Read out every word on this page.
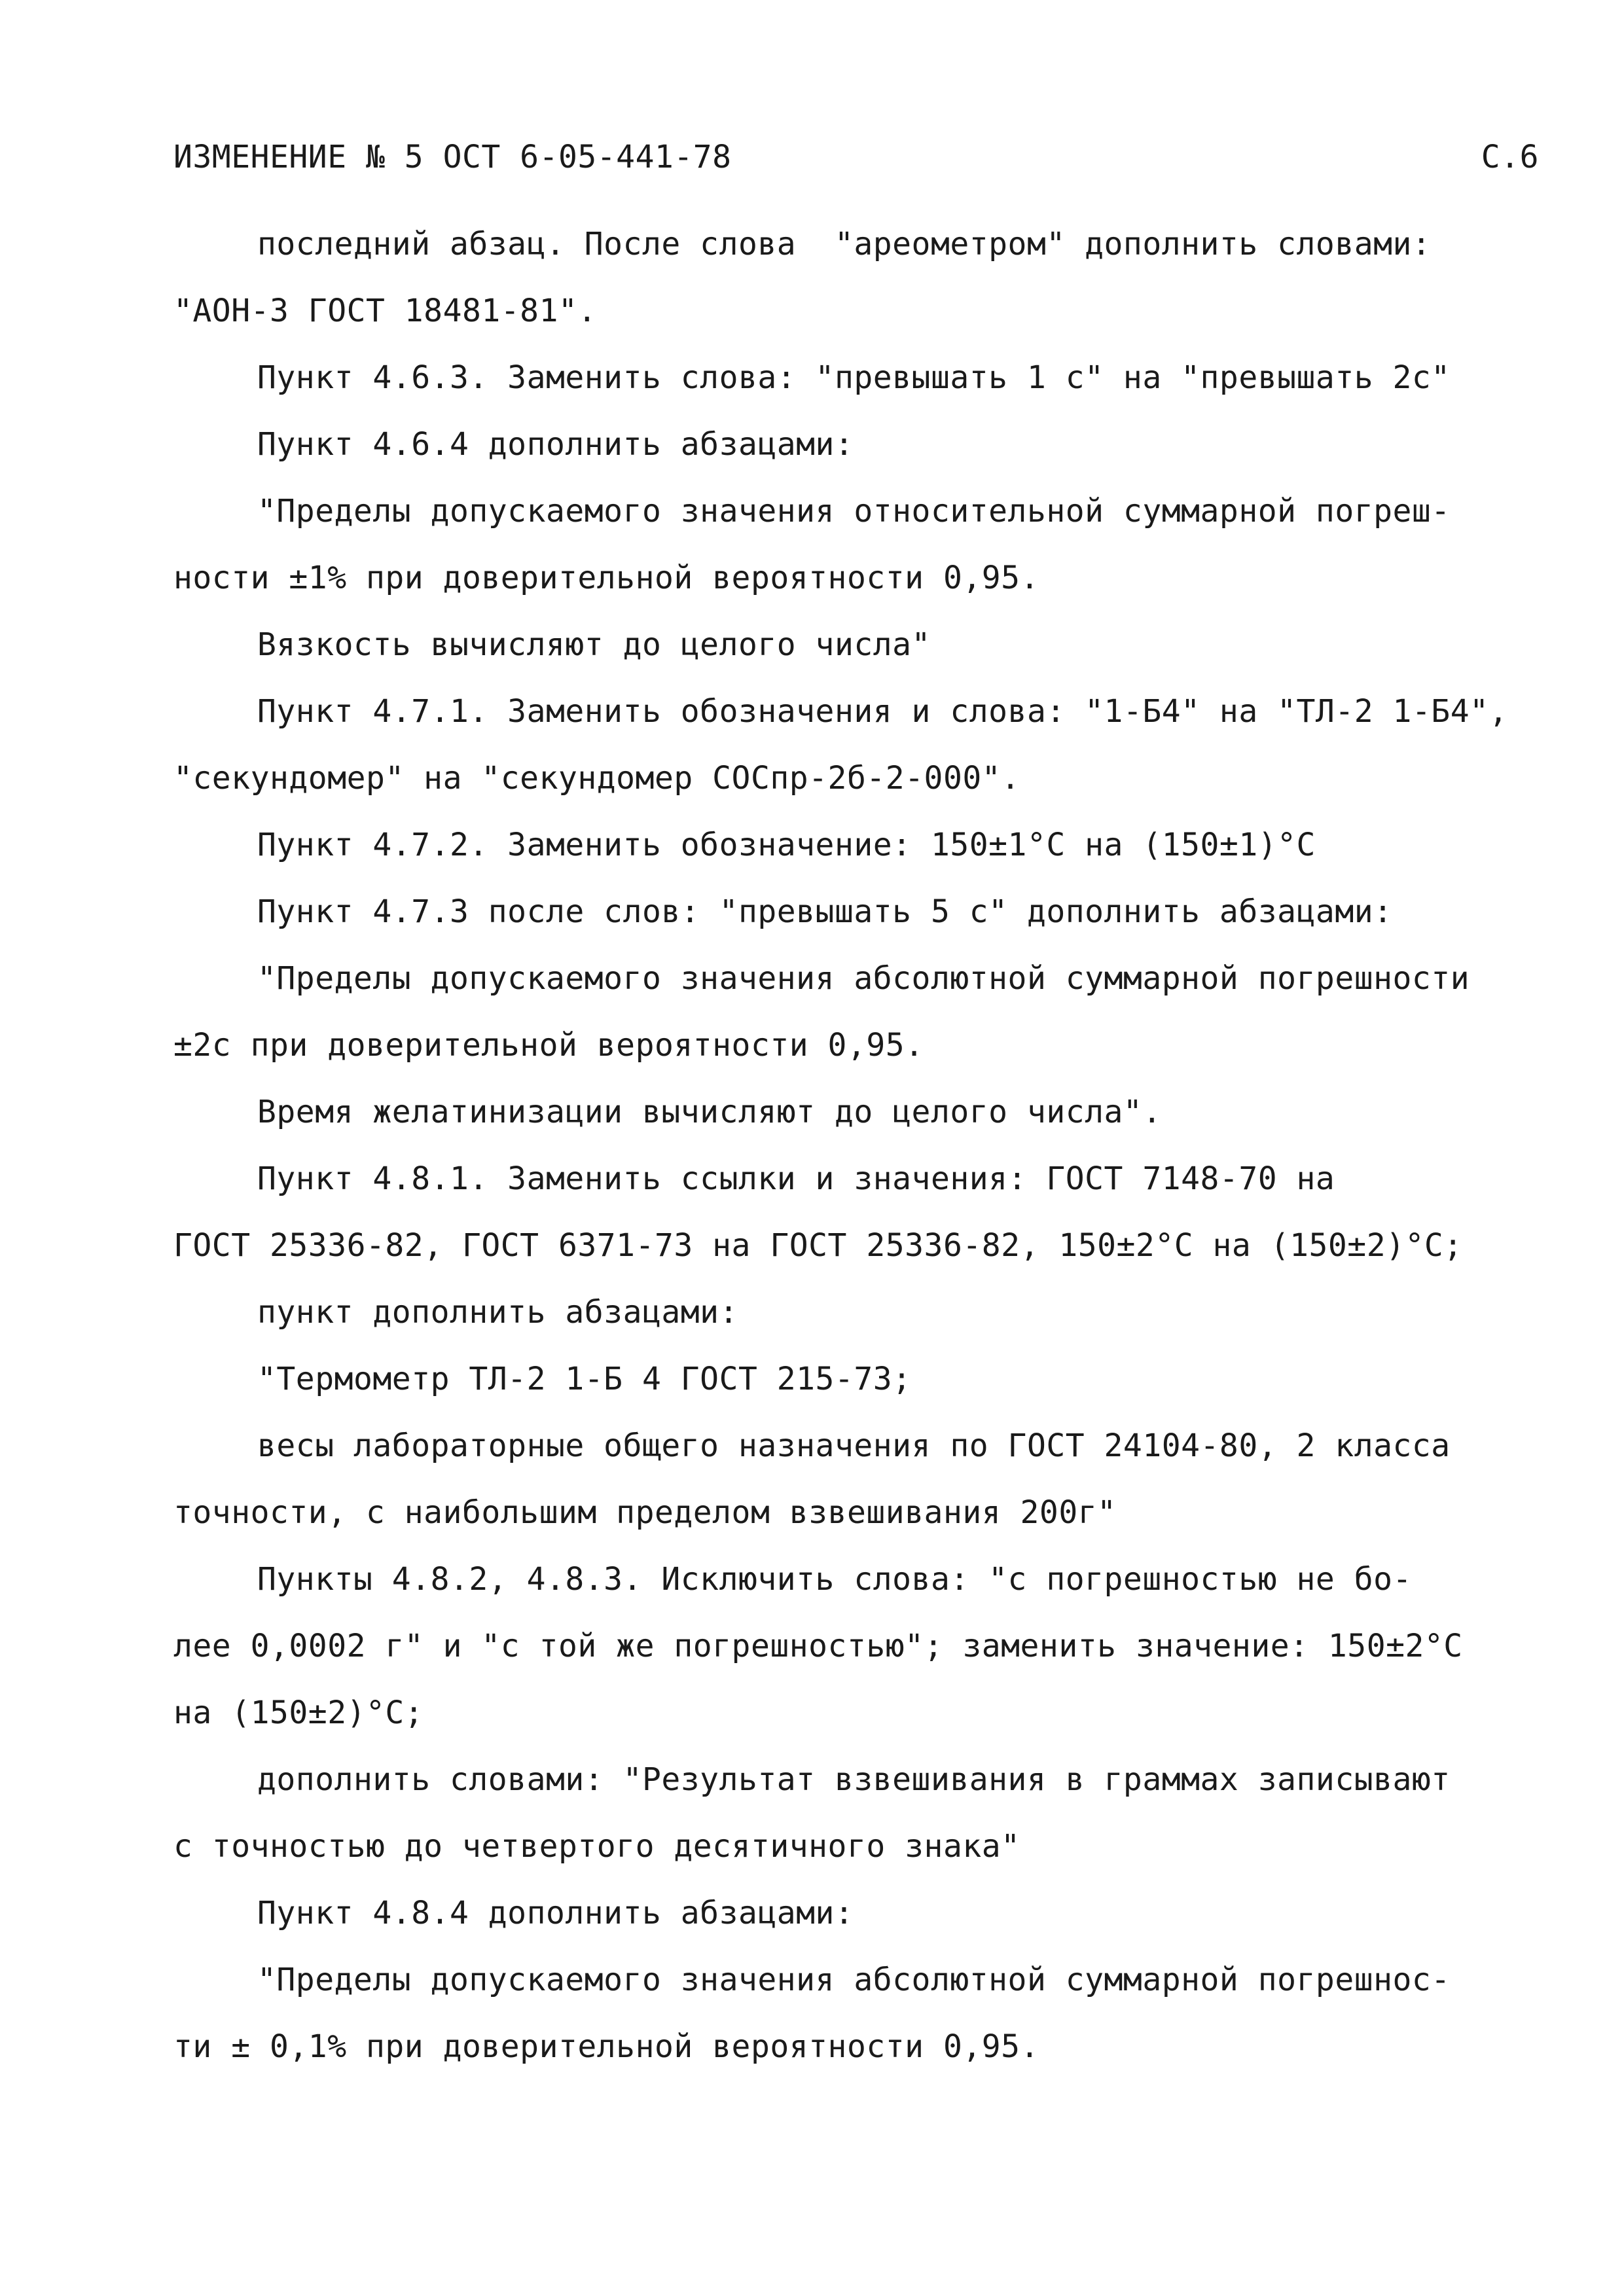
ИЗМЕНЕНИЕ № 5 ОСТ 6-05-441-78	С.6
последний абзац. После слова  "ареометром" дополнить словами:
"АОН-3 ГОСТ 18481-81".
Пункт 4.6.3. Заменить слова: "превышать 1 с" на "превышать 2с"
Пункт 4.6.4 дополнить абзацами:
"Пределы допускаемого значения относительной суммарной погреш-
ности ±1% при доверительной вероятности 0,95.
Вязкость вычисляют до целого числа"
Пункт 4.7.1. Заменить обозначения и слова: "1-Б4" на "ТЛ-2 1-Б4",
"секундомер" на "секундомер СОСпр-2б-2-000".
Пункт 4.7.2. Заменить обозначение: 150±1°С на (150±1)°С
Пункт 4.7.3 после слов: "превышать 5 с" дополнить абзацами:
"Пределы допускаемого значения абсолютной суммарной погрешности
±2с при доверительной вероятности 0,95.
Время желатинизации вычисляют до целого числа".
Пункт 4.8.1. Заменить ссылки и значения: ГОСТ 7148-70 на
ГОСТ 25336-82, ГОСТ 6371-73 на ГОСТ 25336-82, 150±2°С на (150±2)°С;
пункт дополнить абзацами:
"Термометр ТЛ-2 1-Б 4 ГОСТ 215-73;
весы лабораторные общего назначения по ГОСТ 24104-80, 2 класса
точности, с наибольшим пределом взвешивания 200г"
Пункты 4.8.2, 4.8.3. Исключить слова: "с погрешностью не бо-
лее 0,0002 г" и "с той же погрешностью"; заменить значение: 150±2°С
на (150±2)°С;
дополнить словами: "Результат взвешивания в граммах записывают
с точностью до четвертого десятичного знака"
Пункт 4.8.4 дополнить абзацами:
"Пределы допускаемого значения абсолютной суммарной погрешнос-
ти ± 0,1% при доверительной вероятности 0,95.
